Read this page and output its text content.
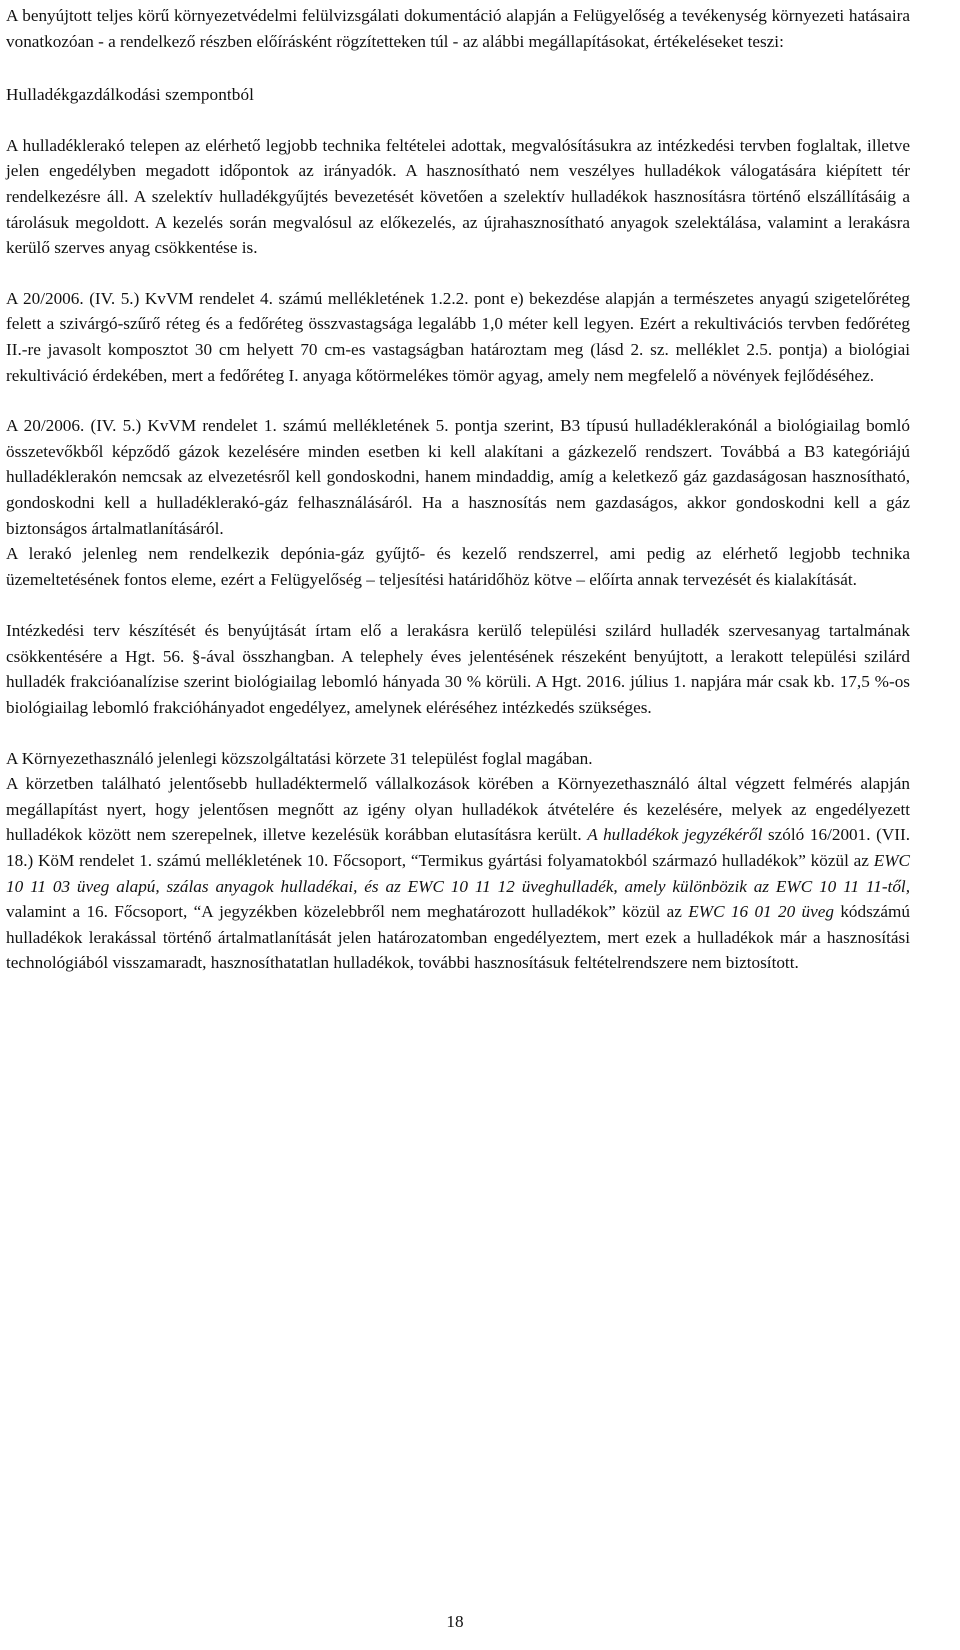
A benyújtott teljes körű környezetvédelmi felülvizsgálati dokumentáció alapján a Felügyelőség a tevékenység környezeti hatásaira vonatkozóan - a rendelkező részben előírásként rögzítetteken túl - az alábbi megállapításokat, értékeléseket teszi:

Hulladékgazdálkodási szempontból

A hulladéklerakó telepen az elérhető legjobb technika feltételei adottak, megvalósításukra az intézkedési tervben foglaltak, illetve jelen engedélyben megadott időpontok az irányadók. A hasznosítható nem veszélyes hulladékok válogatására kiépített tér rendelkezésre áll. A szelektív hulladékgyűjtés bevezetését követően a szelektív hulladékok hasznosításra történő elszállításáig a tárolásuk megoldott. A kezelés során megvalósul az előkezelés, az újrahasznosítható anyagok szelektálása, valamint a lerakásra kerülő szerves anyag csökkentése is.

A 20/2006. (IV. 5.) KvVM rendelet 4. számú mellékletének 1.2.2. pont e) bekezdése alapján a természetes anyagú szigetelőréteg felett a szivárgó-szűrő réteg és a fedőréteg összvastagsága legalább 1,0 méter kell legyen. Ezért a rekultivációs tervben fedőréteg II.-re javasolt komposztot 30 cm helyett 70 cm-es vastagságban határoztam meg (lásd 2. sz. melléklet 2.5. pontja) a biológiai rekultiváció érdekében, mert a fedőréteg I. anyaga kőtörmelékes tömör agyag, amely nem megfelelő a növények fejlődéséhez.

A 20/2006. (IV. 5.) KvVM rendelet 1. számú mellékletének 5. pontja szerint, B3 típusú hulladéklerakónál a biológiailag bomló összetevőkből képződő gázok kezelésére minden esetben ki kell alakítani a gázkezelő rendszert. Továbbá a B3 kategóriájú hulladéklerakón nemcsak az elvezetésről kell gondoskodni, hanem mindaddig, amíg a keletkező gáz gazdaságosan hasznosítható, gondoskodni kell a hulladéklerakó-gáz felhasználásáról. Ha a hasznosítás nem gazdaságos, akkor gondoskodni kell a gáz biztonságos ártalmatlanításáról.

A lerakó jelenleg nem rendelkezik depónia-gáz gyűjtő- és kezelő rendszerrel, ami pedig az elérhető legjobb technika üzemeltetésének fontos eleme, ezért a Felügyelőség – teljesítési határidőhöz kötve – előírta annak tervezését és kialakítását.

Intézkedési terv készítését és benyújtását írtam elő a lerakásra kerülő települési szilárd hulladék szervesanyag tartalmának csökkentésére a Hgt. 56. §-ával összhangban. A telephely éves jelentésének részeként benyújtott, a lerakott települési szilárd hulladék frakcióanalízise szerint biológiailag lebomló hányada 30 % körüli. A Hgt. 2016. július 1. napjára már csak kb. 17,5 %-os biológiailag lebomló frakcióhányadot engedélyez, amelynek eléréséhez intézkedés szükséges.

A Környezethasználó jelenlegi közszolgáltatási körzete 31 települést foglal magában.

A körzetben található jelentősebb hulladéktermelő vállalkozások körében a Környezethasználó által végzett felmérés alapján megállapítást nyert, hogy jelentősen megnőtt az igény olyan hulladékok átvételére és kezelésére, melyek az engedélyezett hulladékok között nem szerepelnek, illetve kezelésük korábban elutasításra került. A hulladékok jegyzékéről szóló 16/2001. (VII. 18.) KöM rendelet 1. számú mellékletének 10. Főcsoport, “Termikus gyártási folyamatokból származó hulladékok” közül az EWC 10 11 03 üveg alapú, szálas anyagok hulladékai, és az EWC 10 11 12 üveghulladék, amely különbözik az EWC 10 11 11-től, valamint a 16. Főcsoport, “A jegyzékben közelebbről nem meghatározott hulladékok” közül az EWC 16 01 20 üveg kódszámú hulladékok lerakással történő ártalmatlanítását jelen határozatomban engedélyeztem, mert ezek a hulladékok már a hasznosítási technológiából visszamaradt, hasznosíthatatlan hulladékok, további hasznosításuk feltételrendszere nem biztosított.

18
